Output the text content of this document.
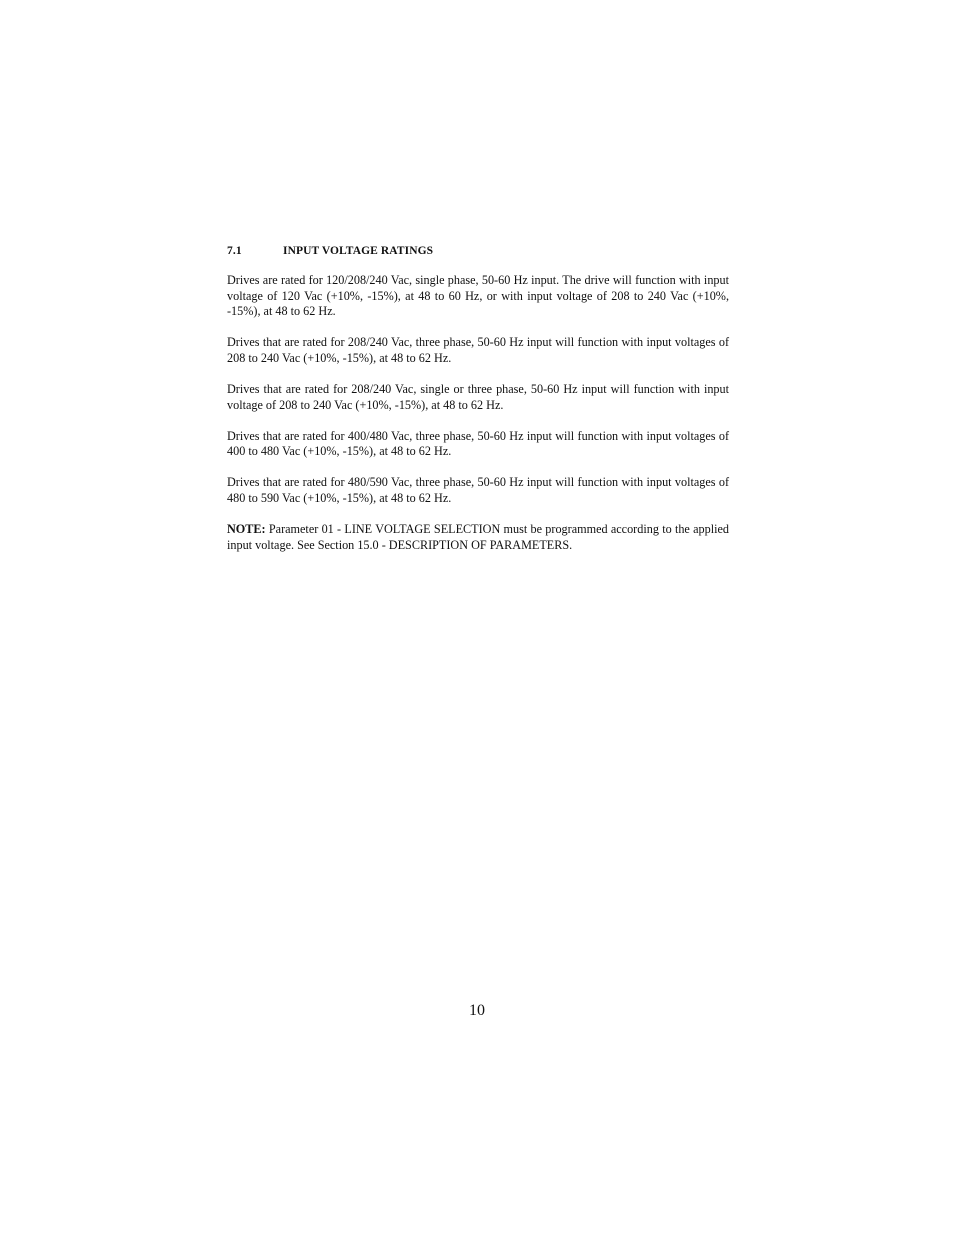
7.1	INPUT VOLTAGE RATINGS

Drives are rated for 120/208/240 Vac, single phase, 50-60 Hz input. The drive will function with input voltage of 120 Vac (+10%, -15%), at 48 to 60 Hz, or with input voltage of 208 to 240 Vac (+10%, -15%), at 48 to 62 Hz.

Drives that are rated for 208/240 Vac, three phase, 50-60 Hz input will function with input voltages of 208 to 240 Vac (+10%, -15%), at 48 to 62 Hz.

Drives that are rated for 208/240 Vac, single or three phase, 50-60 Hz input will function with input voltage of 208 to 240 Vac (+10%, -15%), at 48 to 62 Hz.

Drives that are rated for 400/480 Vac, three phase, 50-60 Hz input will function with input voltages of 400 to 480 Vac (+10%, -15%), at 48 to 62 Hz.

Drives that are rated for 480/590 Vac, three phase, 50-60 Hz input will function with input voltages of 480 to 590 Vac (+10%, -15%), at 48 to 62 Hz.

NOTE: Parameter 01 - LINE VOLTAGE SELECTION must be programmed according to the applied input voltage. See Section 15.0 - DESCRIPTION OF PARAMETERS.

10
